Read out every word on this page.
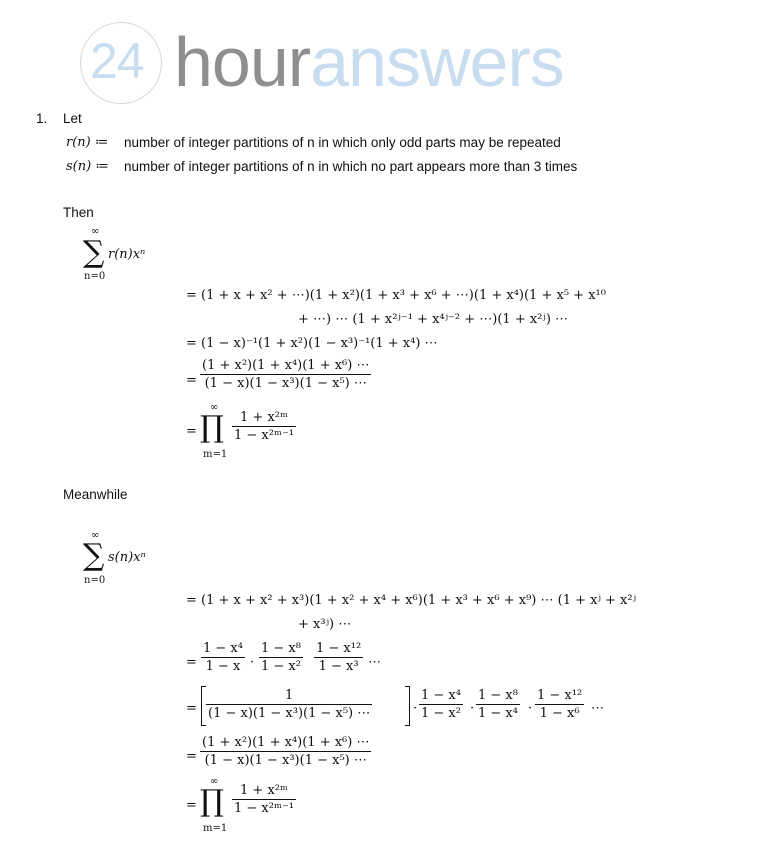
24 houranswers
1. Let
r(n) ≔ number of integer partitions of n in which only odd parts may be repeated
s(n) ≔ number of integer partitions of n in which no part appears more than 3 times
Then
∞
∑ r(n)xⁿ
n=0
= (1 + x + x² + ⋯)(1 + x²)(1 + x³ + x⁶ + ⋯)(1 + x⁴)(1 + x⁵ + x¹⁰
+ ⋯) ⋯ (1 + x²ʲ⁻¹ + x⁴ʲ⁻² + ⋯)(1 + x²ʲ) ⋯
= (1 − x)⁻¹(1 + x²)(1 − x³)⁻¹(1 + x⁴) ⋯
= $\frac{\text{(1 + x²)(1 + x⁴)(1 + x⁶) ⋯}}{\text{(1 − x)(1 − x³)(1 − x⁵) ⋯}}$
=
∞
∏
m=1
$\frac{\text{1 + x²ᵐ}}{\text{1 − x²ᵐ⁻¹}}$
Meanwhile
∞
∑ s(n)xⁿ
n=0
= (1 + x + x² + x³)(1 + x² + x⁴ + x⁶)(1 + x³ + x⁶ + x⁹) ⋯ (1 + xʲ + x²ʲ
+ x³ʲ) ⋯
= $\frac{\text{1 − x⁴}}{1 - x} \cdot \frac{\text{1 − x⁸}}{\text{1 − x²}} \frac{\text{1 − x¹²}}{\text{1 − x³}}$ ⋯
= $\frac{1}{\text{(1 − x)(1 − x³)(1 − x⁵) ⋯}}$	· $\frac{\text{1 − x⁴}}{\text{1 − x²}} \cdot \frac{\text{1 − x⁸}}{\text{1 − x⁴}} \cdot \frac{\text{1 − x¹²}}{\text{1 − x⁶}}$ ⋯
= $\frac{\text{(1 + x²)(1 + x⁴)(1 + x⁶) ⋯}}{\text{(1 − x)(1 − x³)(1 − x⁵) ⋯}}$
=
∞
∏
m=1
$\frac{\text{1 + x²ᵐ}}{\text{1 − x²ᵐ⁻¹}}$
